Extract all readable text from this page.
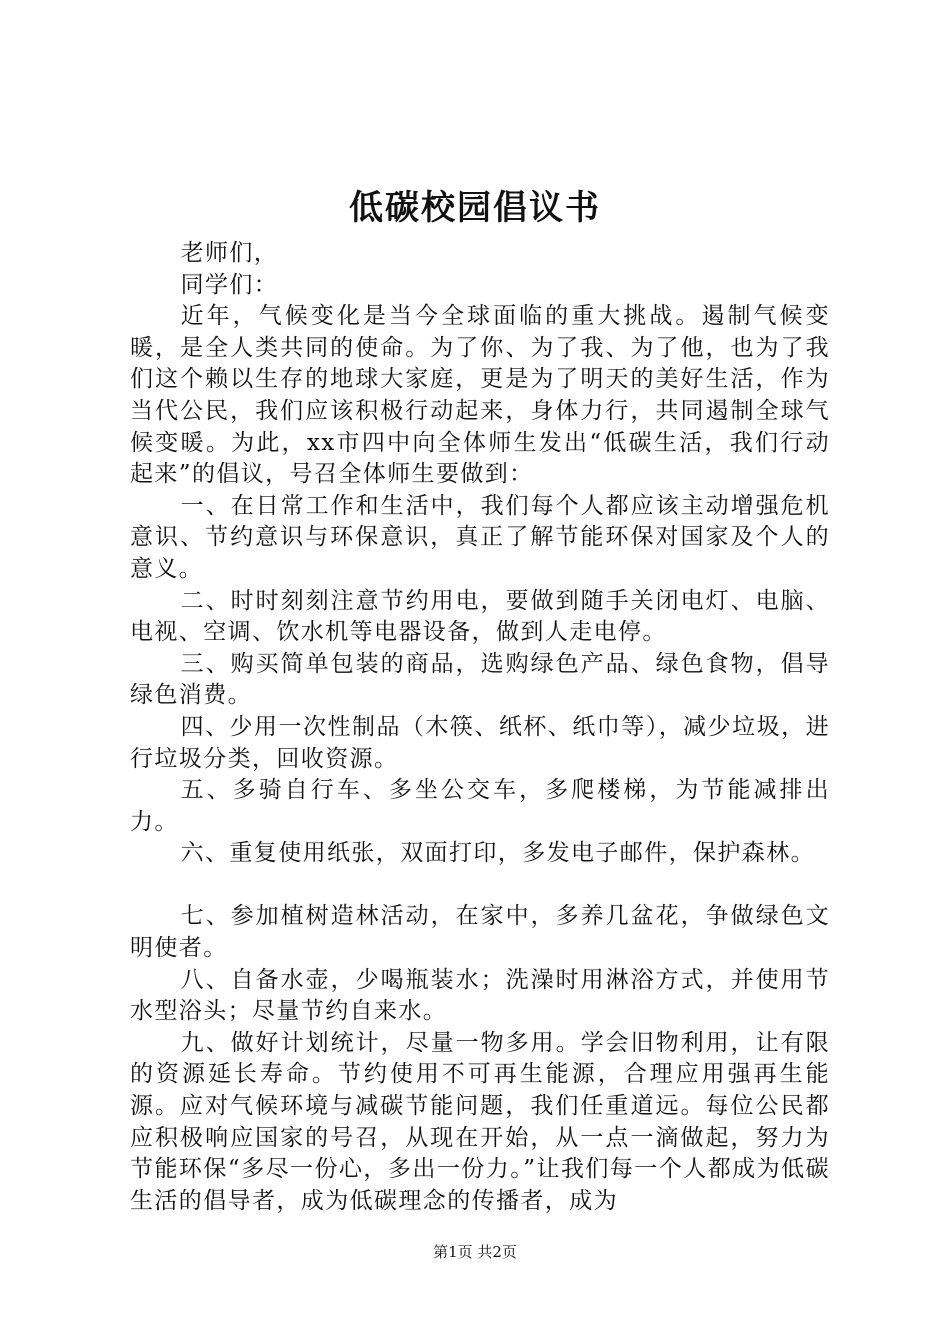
低碳校园倡议书

老师们，

同学们：

近年，气候变化是当今全球面临的重大挑战。遏制气候变暖，是全人类共同的使命。为了你、为了我、为了他，也为了我们这个赖以生存的地球大家庭，更是为了明天的美好生活，作为当代公民，我们应该积极行动起来，身体力行，共同遏制全球气候变暖。为此，xx市四中向全体师生发出“低碳生活，我们行动起来”的倡议，号召全体师生要做到：

一、在日常工作和生活中，我们每个人都应该主动增强危机意识、节约意识与环保意识，真正了解节能环保对国家及个人的意义。

二、时时刻刻注意节约用电，要做到随手关闭电灯、电脑、电视、空调、饮水机等电器设备，做到人走电停。

三、购买简单包装的商品，选购绿色产品、绿色食物，倡导绿色消费。

四、少用一次性制品（木筷、纸杯、纸巾等），减少垃圾，进行垃圾分类，回收资源。

五、多骑自行车、多坐公交车，多爬楼梯，为节能减排出力。

六、重复使用纸张，双面打印，多发电子邮件，保护森林。

七、参加植树造林活动，在家中，多养几盆花，争做绿色文明使者。

八、自备水壶，少喝瓶装水；洗澡时用淋浴方式，并使用节水型浴头；尽量节约自来水。

九、做好计划统计，尽量一物多用。学会旧物利用，让有限的资源延长寿命。节约使用不可再生能源，合理应用强再生能源。应对气候环境与减碳节能问题，我们任重道远。每位公民都应积极响应国家的号召，从现在开始，从一点一滴做起，努力为节能环保“多尽一份心，多出一份力。”让我们每一个人都成为低碳生活的倡导者，成为低碳理念的传播者，成为

第1页 共2页
